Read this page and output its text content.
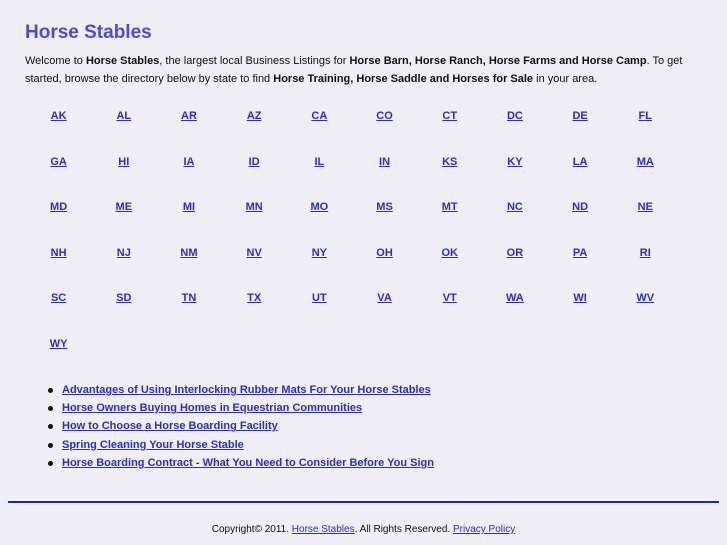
Horse Stables

Welcome to Horse Stables, the largest local Business Listings for Horse Barn, Horse Ranch, Horse Farms and Horse Camp. To get started, browse the directory below by state to find Horse Training, Horse Saddle and Horses for Sale in your area.

AK	AL	AR	AZ	CA	CO	CT	DC	DE	FL
GA	HI	IA	ID	IL	IN	KS	KY	LA	MA
MD	ME	MI	MN	MO	MS	MT	NC	ND	NE
NH	NJ	NM	NV	NY	OH	OK	OR	PA	RI
SC	SD	TN	TX	UT	VA	VT	WA	WI	WV
WY
Advantages of Using Interlocking Rubber Mats For Your Horse Stables
Horse Owners Buying Homes in Equestrian Communities
How to Choose a Horse Boarding Facility
Spring Cleaning Your Horse Stable
Horse Boarding Contract - What You Need to Consider Before You Sign
Copyright© 2011. Horse Stables. All Rights Reserved. Privacy Policy
